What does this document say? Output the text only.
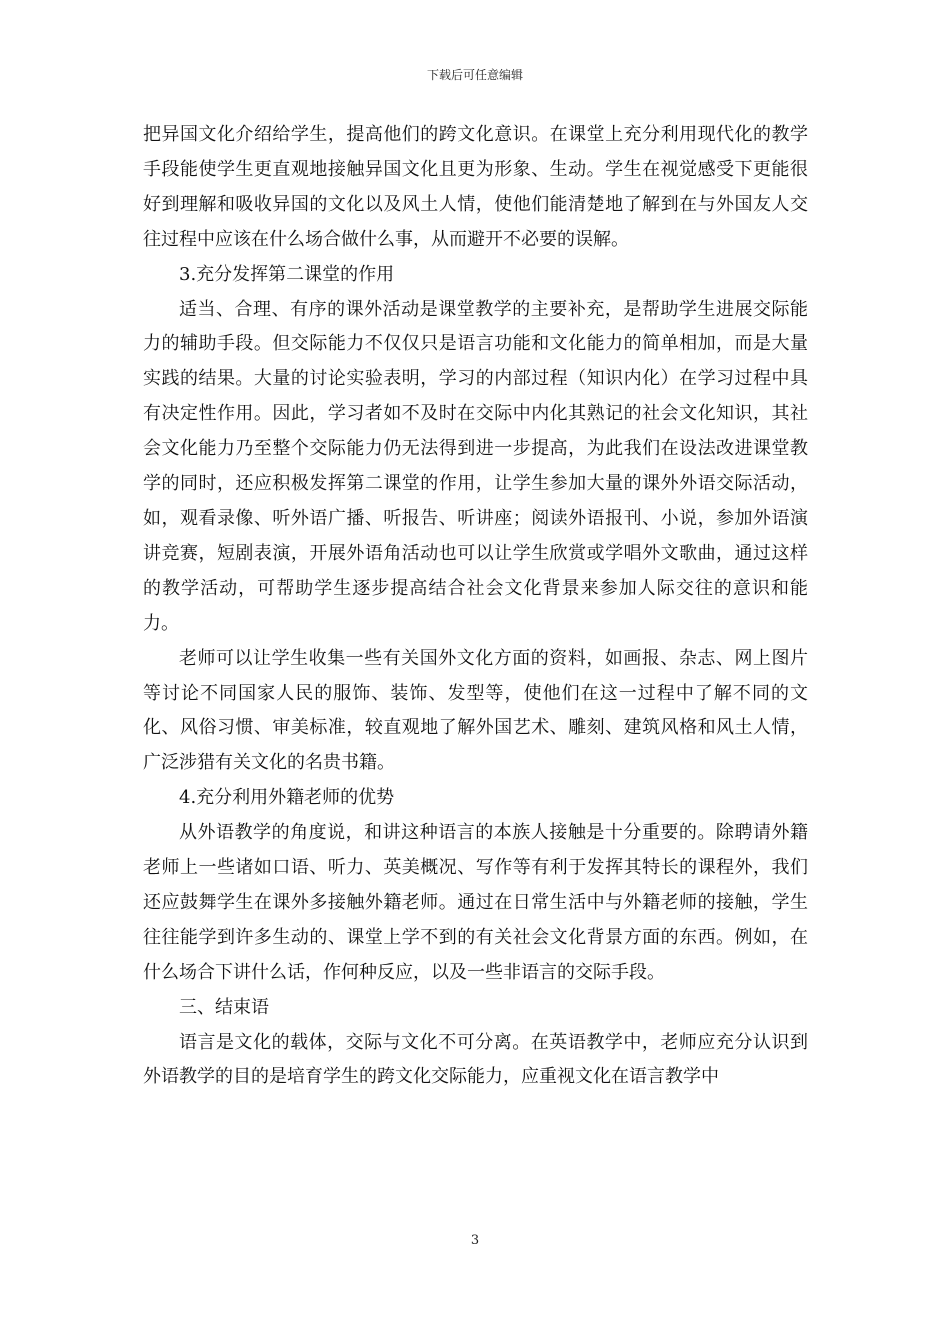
下载后可任意编辑

把异国文化介绍给学生，提高他们的跨文化意识。在课堂上充分利用现代化的教学手段能使学生更直观地接触异国文化且更为形象、生动。学生在视觉感受下更能很好到理解和吸收异国的文化以及风土人情，使他们能清楚地了解到在与外国友人交往过程中应该在什么场合做什么事，从而避开不必要的误解。

3.充分发挥第二课堂的作用

适当、合理、有序的课外活动是课堂教学的主要补充，是帮助学生进展交际能力的辅助手段。但交际能力不仅仅只是语言功能和文化能力的简单相加，而是大量实践的结果。大量的讨论实验表明，学习的内部过程（知识内化）在学习过程中具有决定性作用。因此，学习者如不及时在交际中内化其熟记的社会文化知识，其社会文化能力乃至整个交际能力仍无法得到进一步提高，为此我们在设法改进课堂教学的同时，还应积极发挥第二课堂的作用，让学生参加大量的课外外语交际活动，如，观看录像、听外语广播、听报告、听讲座；阅读外语报刊、小说，参加外语演讲竞赛，短剧表演，开展外语角活动也可以让学生欣赏或学唱外文歌曲，通过这样的教学活动，可帮助学生逐步提高结合社会文化背景来参加人际交往的意识和能力。

老师可以让学生收集一些有关国外文化方面的资料，如画报、杂志、网上图片等讨论不同国家人民的服饰、装饰、发型等，使他们在这一过程中了解不同的文化、风俗习惯、审美标准，较直观地了解外国艺术、雕刻、建筑风格和风土人情，广泛涉猎有关文化的名贵书籍。

4.充分利用外籍老师的优势

从外语教学的角度说，和讲这种语言的本族人接触是十分重要的。除聘请外籍老师上一些诸如口语、听力、英美概况、写作等有利于发挥其特长的课程外，我们还应鼓舞学生在课外多接触外籍老师。通过在日常生活中与外籍老师的接触，学生往往能学到许多生动的、课堂上学不到的有关社会文化背景方面的东西。例如，在什么场合下讲什么话，作何种反应，以及一些非语言的交际手段。

三、结束语

语言是文化的载体，交际与文化不可分离。在英语教学中，老师应充分认识到外语教学的目的是培育学生的跨文化交际能力，应重视文化在语言教学中

3
